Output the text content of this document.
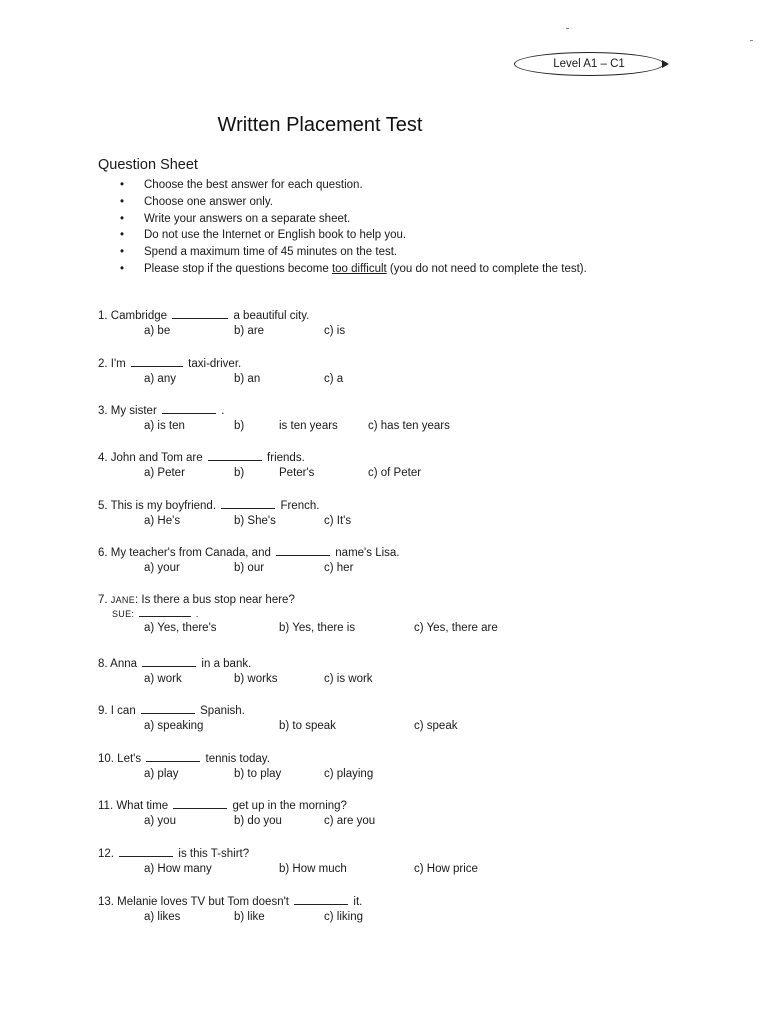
Level A1 – C1
Written Placement Test
Question Sheet
• Choose the best answer for each question.
• Choose one answer only.
• Write your answers on a separate sheet.
• Do not use the Internet or English book to help you.
• Spend a maximum time of 45 minutes on the test.
• Please stop if the questions become too difficult (you do not need to complete the test).
1. Cambridge	a beautiful city.
a) be	b) are	c) is
2. I'm	taxi-driver.
a) any	b) an	c) a
3. My sister	.
a) is ten	b)	is ten years	c) has ten years
4. John and Tom are	friends.
a) Peter	b)	Peter's	c) of Peter
5. This is my boyfriend.	French.
a) He's	b) She's	c) It's
6. My teacher's from Canada, and	name's Lisa.
a) your	b) our	c) her
7. JANE: Is there a bus stop near here?
SUE:	.
a) Yes, there's	b) Yes, there is	c) Yes, there are
8. Anna	in a bank.
a) work	b) works	c) is work
9. I can	Spanish.
a) speaking	b) to speak	c) speak
10. Let's	tennis today.
a) play	b) to play	c) playing
11. What time	get up in the morning?
a) you	b) do you	c) are you
12.	is this T-shirt?
a) How many	b) How much	c) How price
13. Melanie loves TV but Tom doesn't	it.
a) likes	b) like	c) liking
